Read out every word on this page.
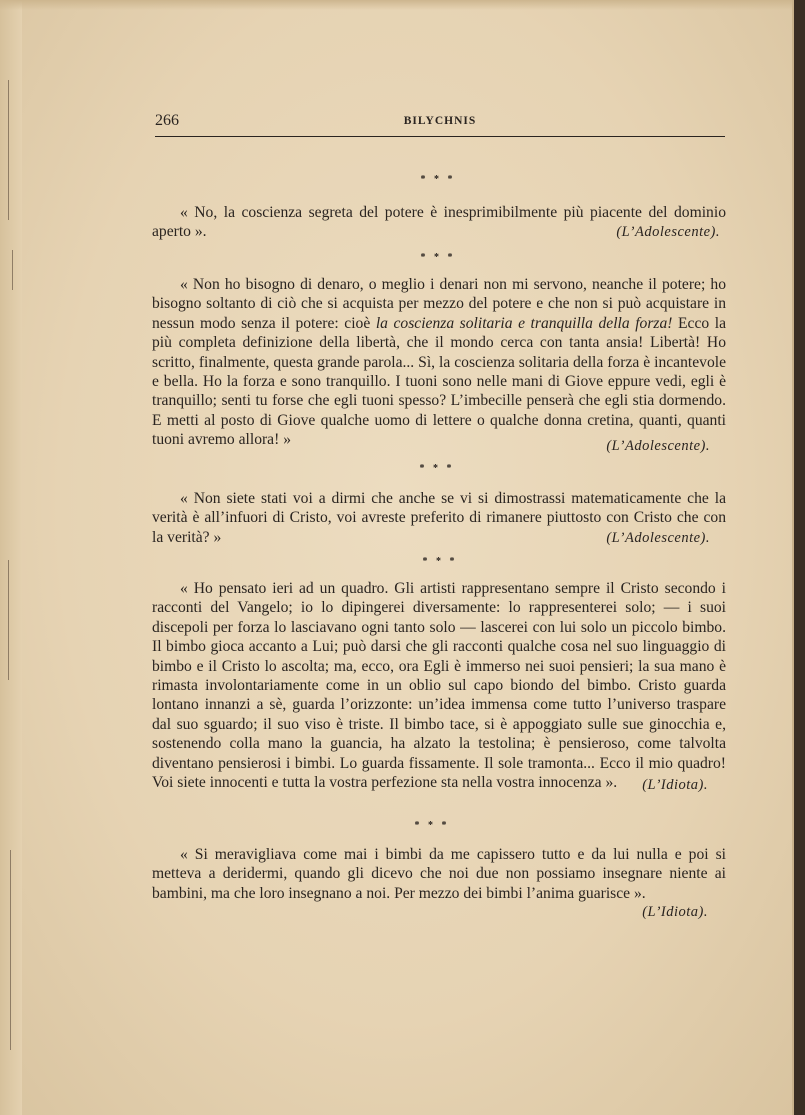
266	BILYCHNIS
* * *
« No, la coscienza segreta del potere è inesprimibilmente più piacente del dominio aperto ».	(L’Adolescente).
* * *
« Non ho bisogno di denaro, o meglio i denari non mi servono, neanche il potere; ho bisogno soltanto di ciò che si acquista per mezzo del potere e che non si può acquistare in nessun modo senza il potere: cioè la coscienza solitaria e tranquilla della forza! Ecco la più completa definizione della libertà, che il mondo cerca con tanta ansia! Libertà! Ho scritto, finalmente, questa grande parola... Sì, la coscienza solitaria della forza è incantevole e bella. Ho la forza e sono tranquillo. I tuoni sono nelle mani di Giove eppure vedi, egli è tranquillo; senti tu forse che egli tuoni spesso? L’imbecille penserà che egli stia dormendo. E metti al posto di Giove qualche uomo di lettere o qualche donna cretina, quanti, quanti tuoni avremo allora! »	(L’Adolescente).
* * *
« Non siete stati voi a dirmi che anche se vi si dimostrassi matematicamente che la verità è all’infuori di Cristo, voi avreste preferito di rimanere piuttosto con Cristo che con la verità? »	(L’Adolescente).
* * *
« Ho pensato ieri ad un quadro. Gli artisti rappresentano sempre il Cristo secondo i racconti del Vangelo; io lo dipingerei diversamente: lo rappresenterei solo; — i suoi discepoli per forza lo lasciavano ogni tanto solo — lascerei con lui solo un piccolo bimbo. Il bimbo gioca accanto a Lui; può darsi che gli racconti qualche cosa nel suo linguaggio di bimbo e il Cristo lo ascolta; ma, ecco, ora Egli è immerso nei suoi pensieri; la sua mano è rimasta involontariamente come in un oblio sul capo biondo del bimbo. Cristo guarda lontano innanzi a sè, guarda l’orizzonte: un’idea immensa come tutto l’universo traspare dal suo sguardo; il suo viso è triste. Il bimbo tace, si è appoggiato sulle sue ginocchia e, sostenendo colla mano la guancia, ha alzato la testolina; è pensieroso, come talvolta diventano pensierosi i bimbi. Lo guarda fissamente. Il sole tramonta... Ecco il mio quadro! Voi siete innocenti e tutta la vostra perfezione sta nella vostra innocenza ».	(L’Idiota).
* * *
« Si meravigliava come mai i bimbi da me capissero tutto e da lui nulla e poi si metteva a deridermi, quando gli dicevo che noi due non possiamo insegnare niente ai bambini, ma che loro insegnano a noi. Per mezzo dei bimbi l’anima guarisce ».
(L’Idiota).
